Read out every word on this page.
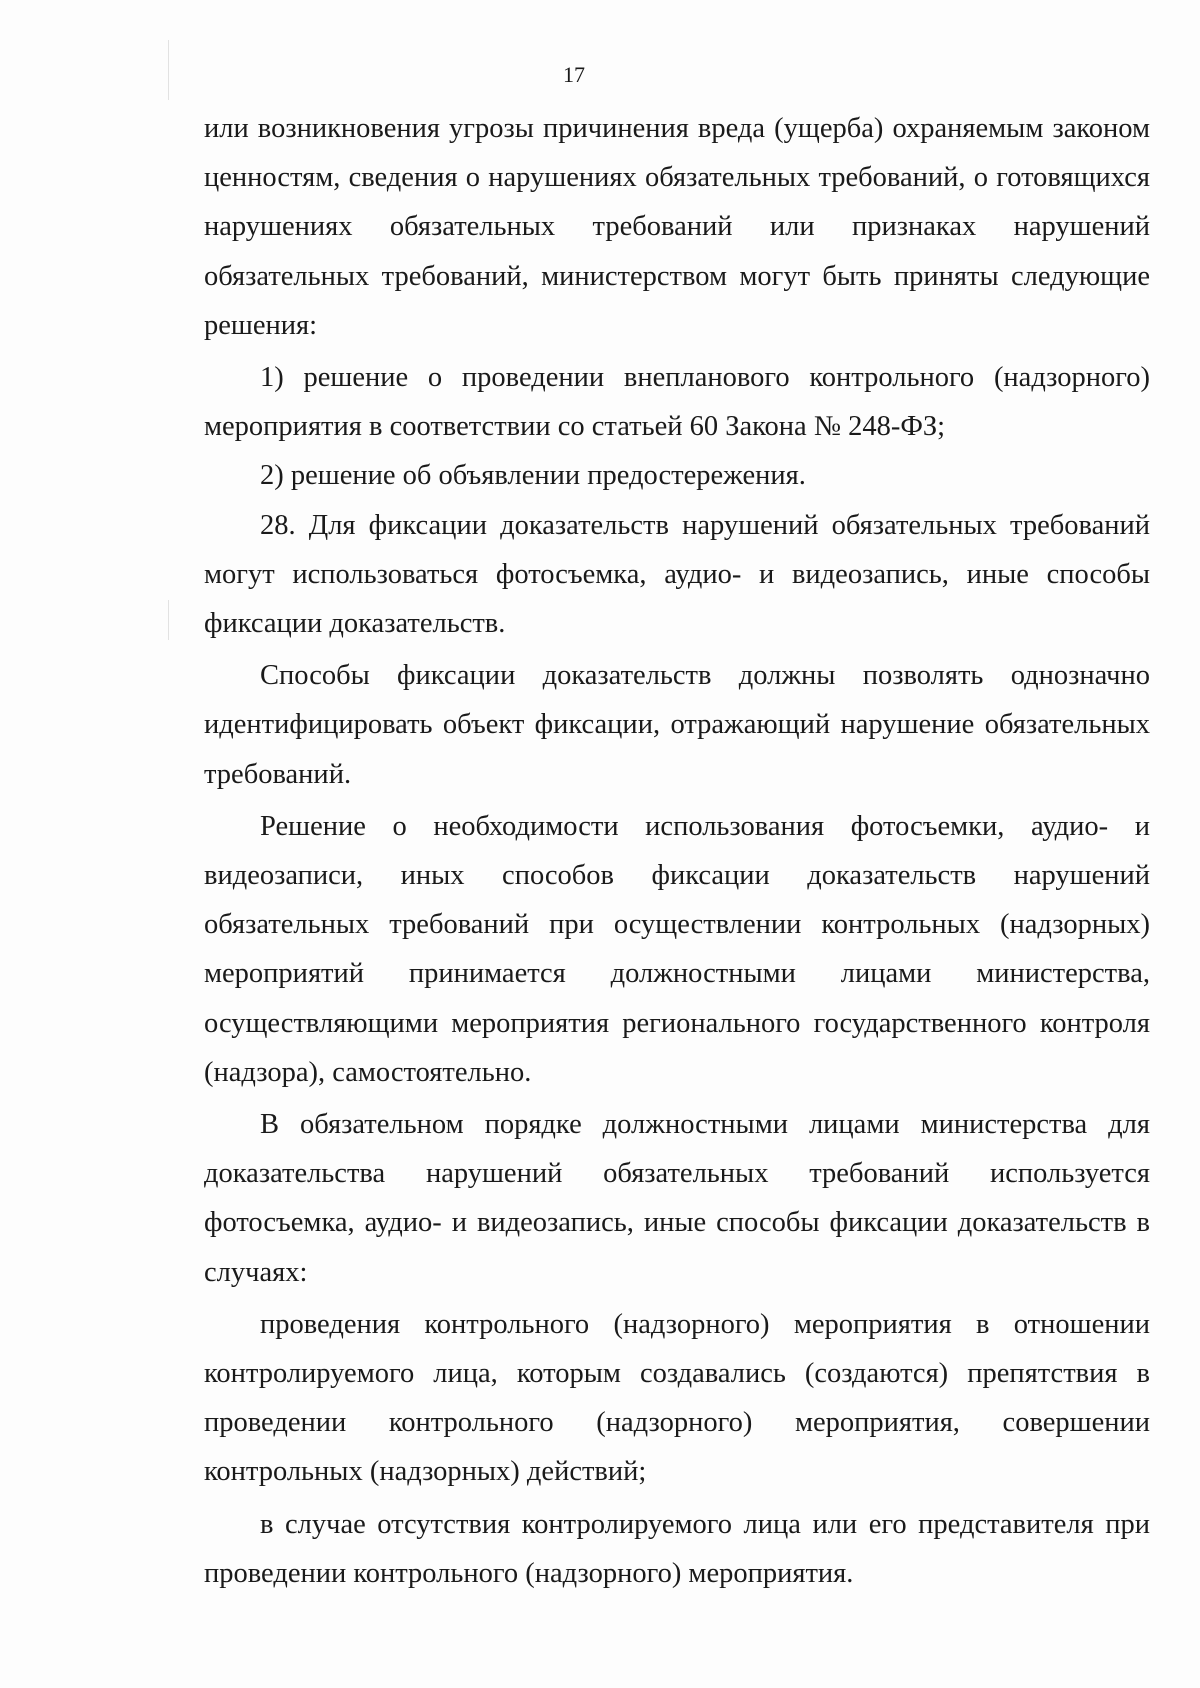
17

или возникновения угрозы причинения вреда (ущерба) охраняемым законом ценностям, сведения о нарушениях обязательных требований, о готовящихся нарушениях обязательных требований или признаках нарушений обязательных требований, министерством могут быть приняты следующие решения:

1) решение о проведении внепланового контрольного (надзорного) мероприятия в соответствии со статьей 60 Закона № 248-ФЗ;

2) решение об объявлении предостережения.

28. Для фиксации доказательств нарушений обязательных требований могут использоваться фотосъемка, аудио- и видеозапись, иные способы фиксации доказательств.

Способы фиксации доказательств должны позволять однозначно идентифицировать объект фиксации, отражающий нарушение обязательных требований.

Решение о необходимости использования фотосъемки, аудио- и видеозаписи, иных способов фиксации доказательств нарушений обязательных требований при осуществлении контрольных (надзорных) мероприятий принимается должностными лицами министерства, осуществляющими мероприятия регионального государственного контроля (надзора), самостоятельно.

В обязательном порядке должностными лицами министерства для доказательства нарушений обязательных требований используется фотосъемка, аудио- и видеозапись, иные способы фиксации доказательств в случаях:

проведения контрольного (надзорного) мероприятия в отношении контролируемого лица, которым создавались (создаются) препятствия в проведении контрольного (надзорного) мероприятия, совершении контрольных (надзорных) действий;

в случае отсутствия контролируемого лица или его представителя при проведении контрольного (надзорного) мероприятия.
